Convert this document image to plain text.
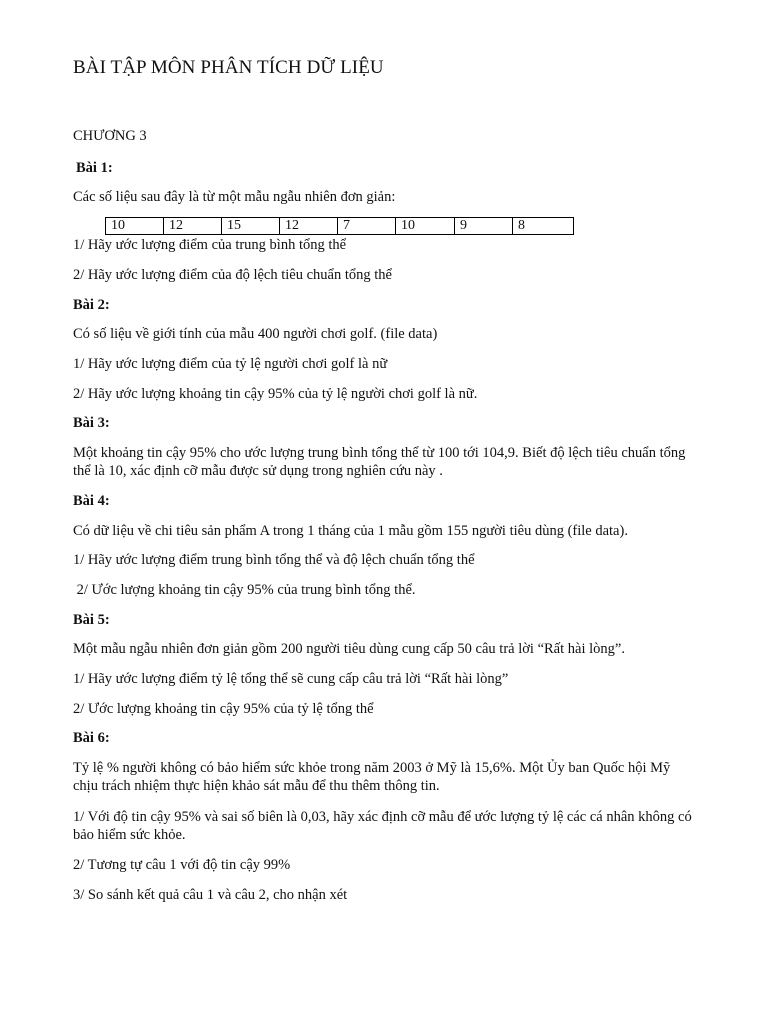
BÀI TẬP MÔN PHÂN TÍCH DỮ LIỆU
CHƯƠNG 3
Bài 1:
Các số liệu sau đây là từ một mẫu ngẫu nhiên đơn giản:
10	12	15	12	7	10	9	8
1/ Hãy ước lượng điểm của trung bình tổng thể
2/ Hãy ước lượng điểm của độ lệch tiêu chuẩn tổng thể
Bài 2:
Có số liệu về giới tính của mẫu 400 người chơi golf. (file data)
1/ Hãy ước lượng điểm của tỷ lệ người chơi golf là nữ
2/ Hãy ước lượng khoảng tin cậy 95% của tỷ lệ người chơi golf là nữ.
Bài 3:
Một khoảng tin cậy 95% cho ước lượng trung bình tổng thể từ 100 tới 104,9. Biết độ lệch tiêu chuẩn tổng thể là 10, xác định cỡ mẫu được sử dụng trong nghiên cứu này .
Bài 4:
Có dữ liệu về chi tiêu sản phẩm A trong 1 tháng của 1 mẫu gồm 155 người tiêu dùng (file data).
1/ Hãy ước lượng điểm trung bình tổng thể và độ lệch chuẩn tổng thể
2/ Ước lượng khoảng tin cậy 95% của trung bình tổng thể.
Bài 5:
Một mẫu ngẫu nhiên đơn giản gồm 200 người tiêu dùng cung cấp 50 câu trả lời “Rất hài lòng”.
1/ Hãy ước lượng điểm tỷ lệ tổng thể sẽ cung cấp câu trả lời “Rất hài lòng”
2/ Ước lượng khoảng tin cậy 95% của tỷ lệ tổng thể
Bài 6:
Tỷ lệ % người không có bảo hiểm sức khỏe trong năm 2003 ở Mỹ là 15,6%. Một Ủy ban Quốc hội Mỹ chịu trách nhiệm thực hiện khảo sát mẫu để thu thêm thông tin.
1/ Với độ tin cậy 95% và sai số biên là 0,03, hãy xác định cỡ mẫu để ước lượng tỷ lệ các cá nhân không có bảo hiểm sức khỏe.
2/ Tương tự câu 1 với độ tin cậy 99%
3/ So sánh kết quả câu 1 và câu 2, cho nhận xét
